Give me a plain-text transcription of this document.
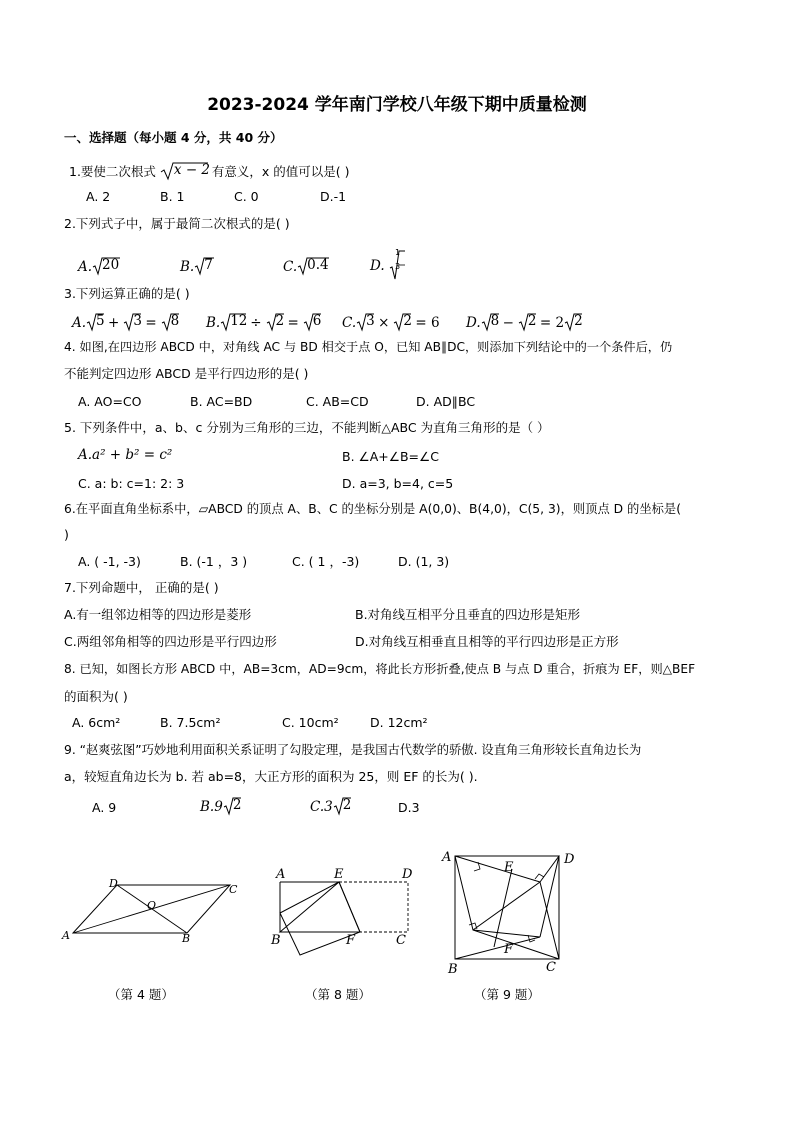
2023-2024 学年南门学校八年级下期中质量检测
一、选择题（每小题 4 分，共 40 分）
1.要使二次根式 x − 2 有意义，x 的值可以是( )
A. 2	B. 1	C. 0	D.-1
2.下列式子中，属于最简二次根式的是( )
A. 20	B. 7	C. 0.4	D.
1
3
3.下列运算正确的是( )
A. 5 + 3 = 8 B. 12 ÷ 2 = 6 C. 3 × 2 = 6 D. 8 − 2 = 2 2
4. 如图,在四边形 ABCD 中，对角线 AC 与 BD 相交于点 O，已知 AB∥DC，则添加下列结论中的一个条件后，仍
不能判定四边形 ABCD 是平行四边形的是( )
A. AO=CO	B. AC=BD	C. AB=CD	D. AD∥BC
5. 下列条件中，a、b、c 分别为三角形的三边，不能判断△ABC 为直角三角形的是（ ）
A.a² + b² = c²	B. ∠A+∠B=∠C
C. a: b: c=1: 2: 3	D. a=3, b=4, c=5
6.在平面直角坐标系中，▱ABCD 的顶点 A、B、C 的坐标分别是 A(0,0)、B(4,0)，C(5, 3)，则顶点 D 的坐标是(
)
A. ( -1, -3)	B. (-1 ，3 )	C. ( 1 ，-3)	D. (1, 3)
7.下列命题中， 正确的是( )
A.有一组邻边相等的四边形是菱形	B.对角线互相平分且垂直的四边形是矩形
C.两组邻角相等的四边形是平行四边形	D.对角线互相垂直且相等的平行四边形是正方形
8. 已知，如图长方形 ABCD 中，AB=3cm，AD=9cm，将此长方形折叠,使点 B 与点 D 重合，折痕为 EF，则△BEF
的面积为( )
A. 6cm²	B. 7.5cm²	C. 10cm²	D. 12cm²
9. “赵爽弦图”巧妙地利用面积关系证明了勾股定理，是我国古代数学的骄傲. 设直角三角形较长直角边长为
a，较短直角边长为 b. 若 ab=8，大正方形的面积为 25，则 EF 的长为( ).
A. 9	B.9 2	C.3 2	D.3
D	C
O
A	B
（第 4 题）
A	E	D
B	F	C
（第 8 题）
A
E
D
B
F
C
（第 9 题）
